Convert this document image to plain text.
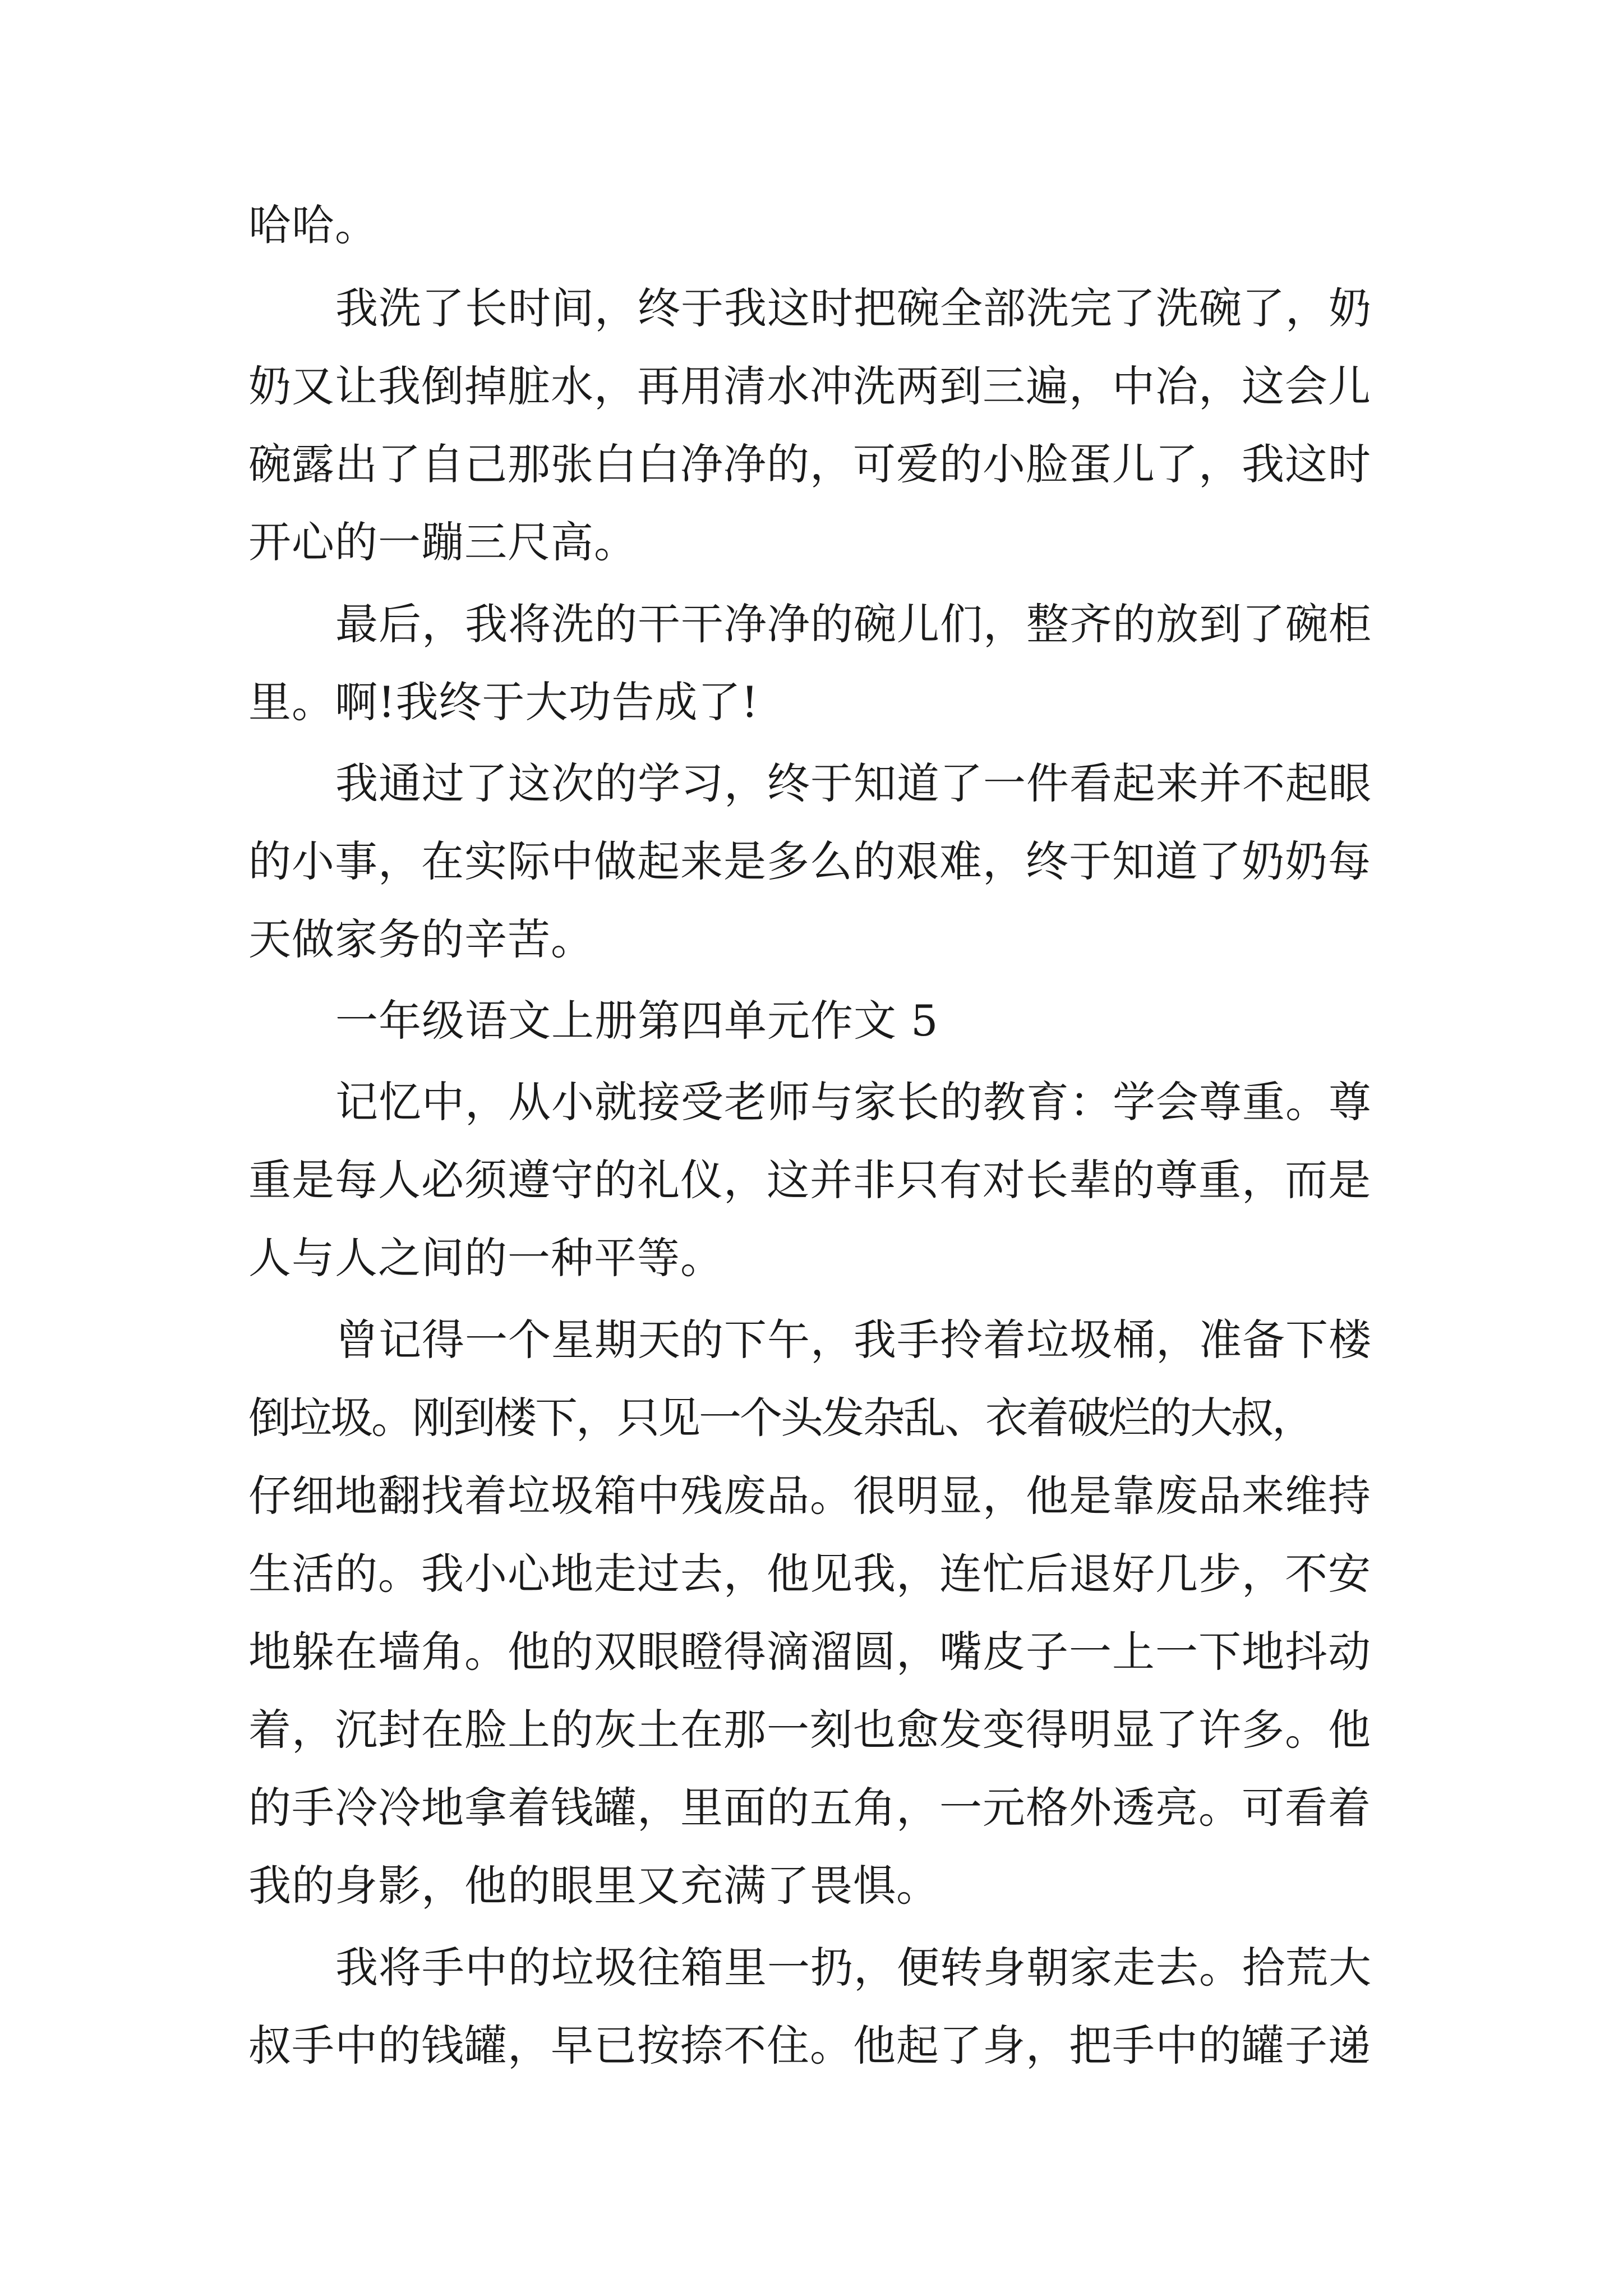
哈哈。
我洗了长时间，终于我这时把碗全部洗完了洗碗了，奶
奶又让我倒掉脏水，再用清水冲洗两到三遍，中冶，这会儿
碗露出了自己那张白白净净的，可爱的小脸蛋儿了，我这时
开心的一蹦三尺高。
最后，我将洗的干干净净的碗儿们，整齐的放到了碗柜
里。啊!我终于大功告成了!
我通过了这次的学习，终于知道了一件看起来并不起眼
的小事，在实际中做起来是多么的艰难，终于知道了奶奶每
天做家务的辛苦。
一年级语文上册第四单元作文 5
记忆中，从小就接受老师与家长的教育：学会尊重。尊
重是每人必须遵守的礼仪，这并非只有对长辈的尊重，而是
人与人之间的一种平等。
曾记得一个星期天的下午，我手拎着垃圾桶，准备下楼
倒垃圾。刚到楼下，只见一个头发杂乱、衣着破烂的大叔，
仔细地翻找着垃圾箱中残废品。很明显，他是靠废品来维持
生活的。我小心地走过去，他见我，连忙后退好几步，不安
地躲在墙角。他的双眼瞪得滴溜圆，嘴皮子一上一下地抖动
着，沉封在脸上的灰土在那一刻也愈发变得明显了许多。他
的手冷冷地拿着钱罐，里面的五角，一元格外透亮。可看着
我的身影，他的眼里又充满了畏惧。
我将手中的垃圾往箱里一扔，便转身朝家走去。拾荒大
叔手中的钱罐，早已按捺不住。他起了身，把手中的罐子递
